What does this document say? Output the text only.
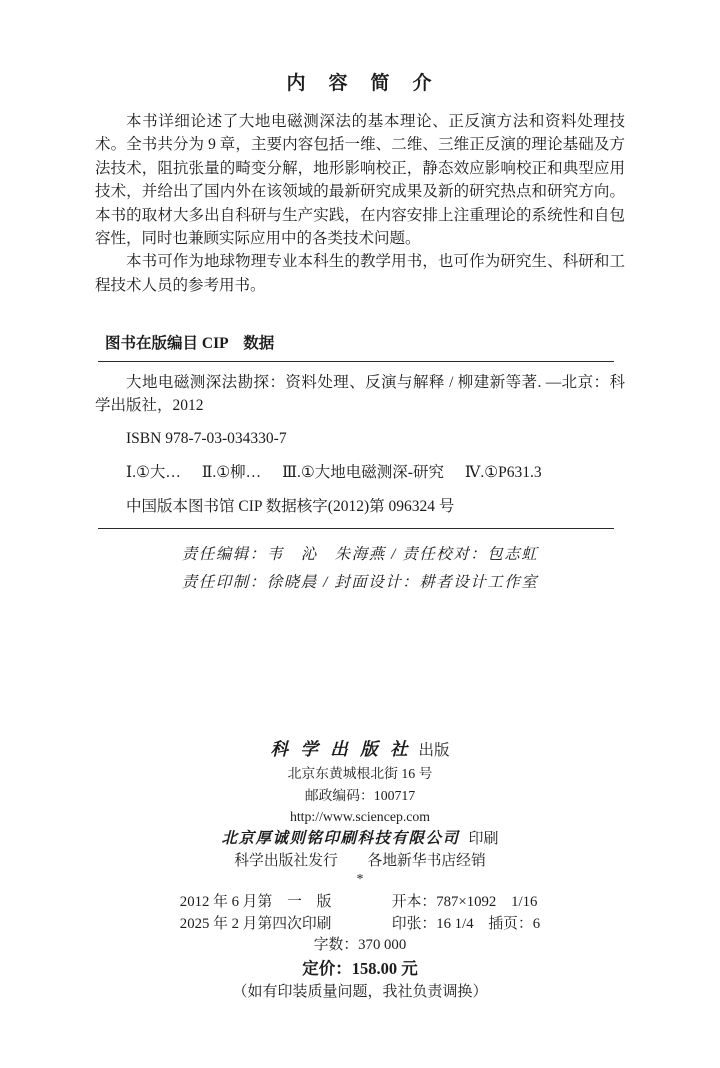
内　容　简　介

本书详细论述了大地电磁测深法的基本理论、正反演方法和资料处理技术。全书共分为 9 章，主要内容包括一维、二维、三维正反演的理论基础及方法技术，阻抗张量的畸变分解，地形影响校正，静态效应影响校正和典型应用技术，并给出了国内外在该领域的最新研究成果及新的研究热点和研究方向。本书的取材大多出自科研与生产实践，在内容安排上注重理论的系统性和自包容性，同时也兼顾实际应用中的各类技术问题。

本书可作为地球物理专业本科生的教学用书，也可作为研究生、科研和工程技术人员的参考用书。

图书在版编目 CIP　数据

大地电磁测深法勘探：资料处理、反演与解释 / 柳建新等著. —北京：科学出版社，2012

ISBN 978-7-03-034330-7

Ⅰ.①大… Ⅱ.①柳… Ⅲ.①大地电磁测深-研究 Ⅳ.①P631.3

中国版本图书馆 CIP 数据核字(2012)第 096324 号

责任编辑：韦　沁　朱海燕 / 责任校对：包志虹

责任印制：徐晓晨 / 封面设计：耕者设计工作室

科 学 出 版 社 出版

北京东黄城根北街 16 号

邮政编码：100717

http://www.sciencep.com

北京厚诚则铭印刷科技有限公司 印刷

科学出版社发行　　各地新华书店经销

*

2012 年 6 月第　一　版	开本：787×1092　1/16
2025 年 2 月第四次印刷	印张：16 1/4　插页：6

字数：370 000

定价：158.00 元

（如有印装质量问题，我社负责调换）
